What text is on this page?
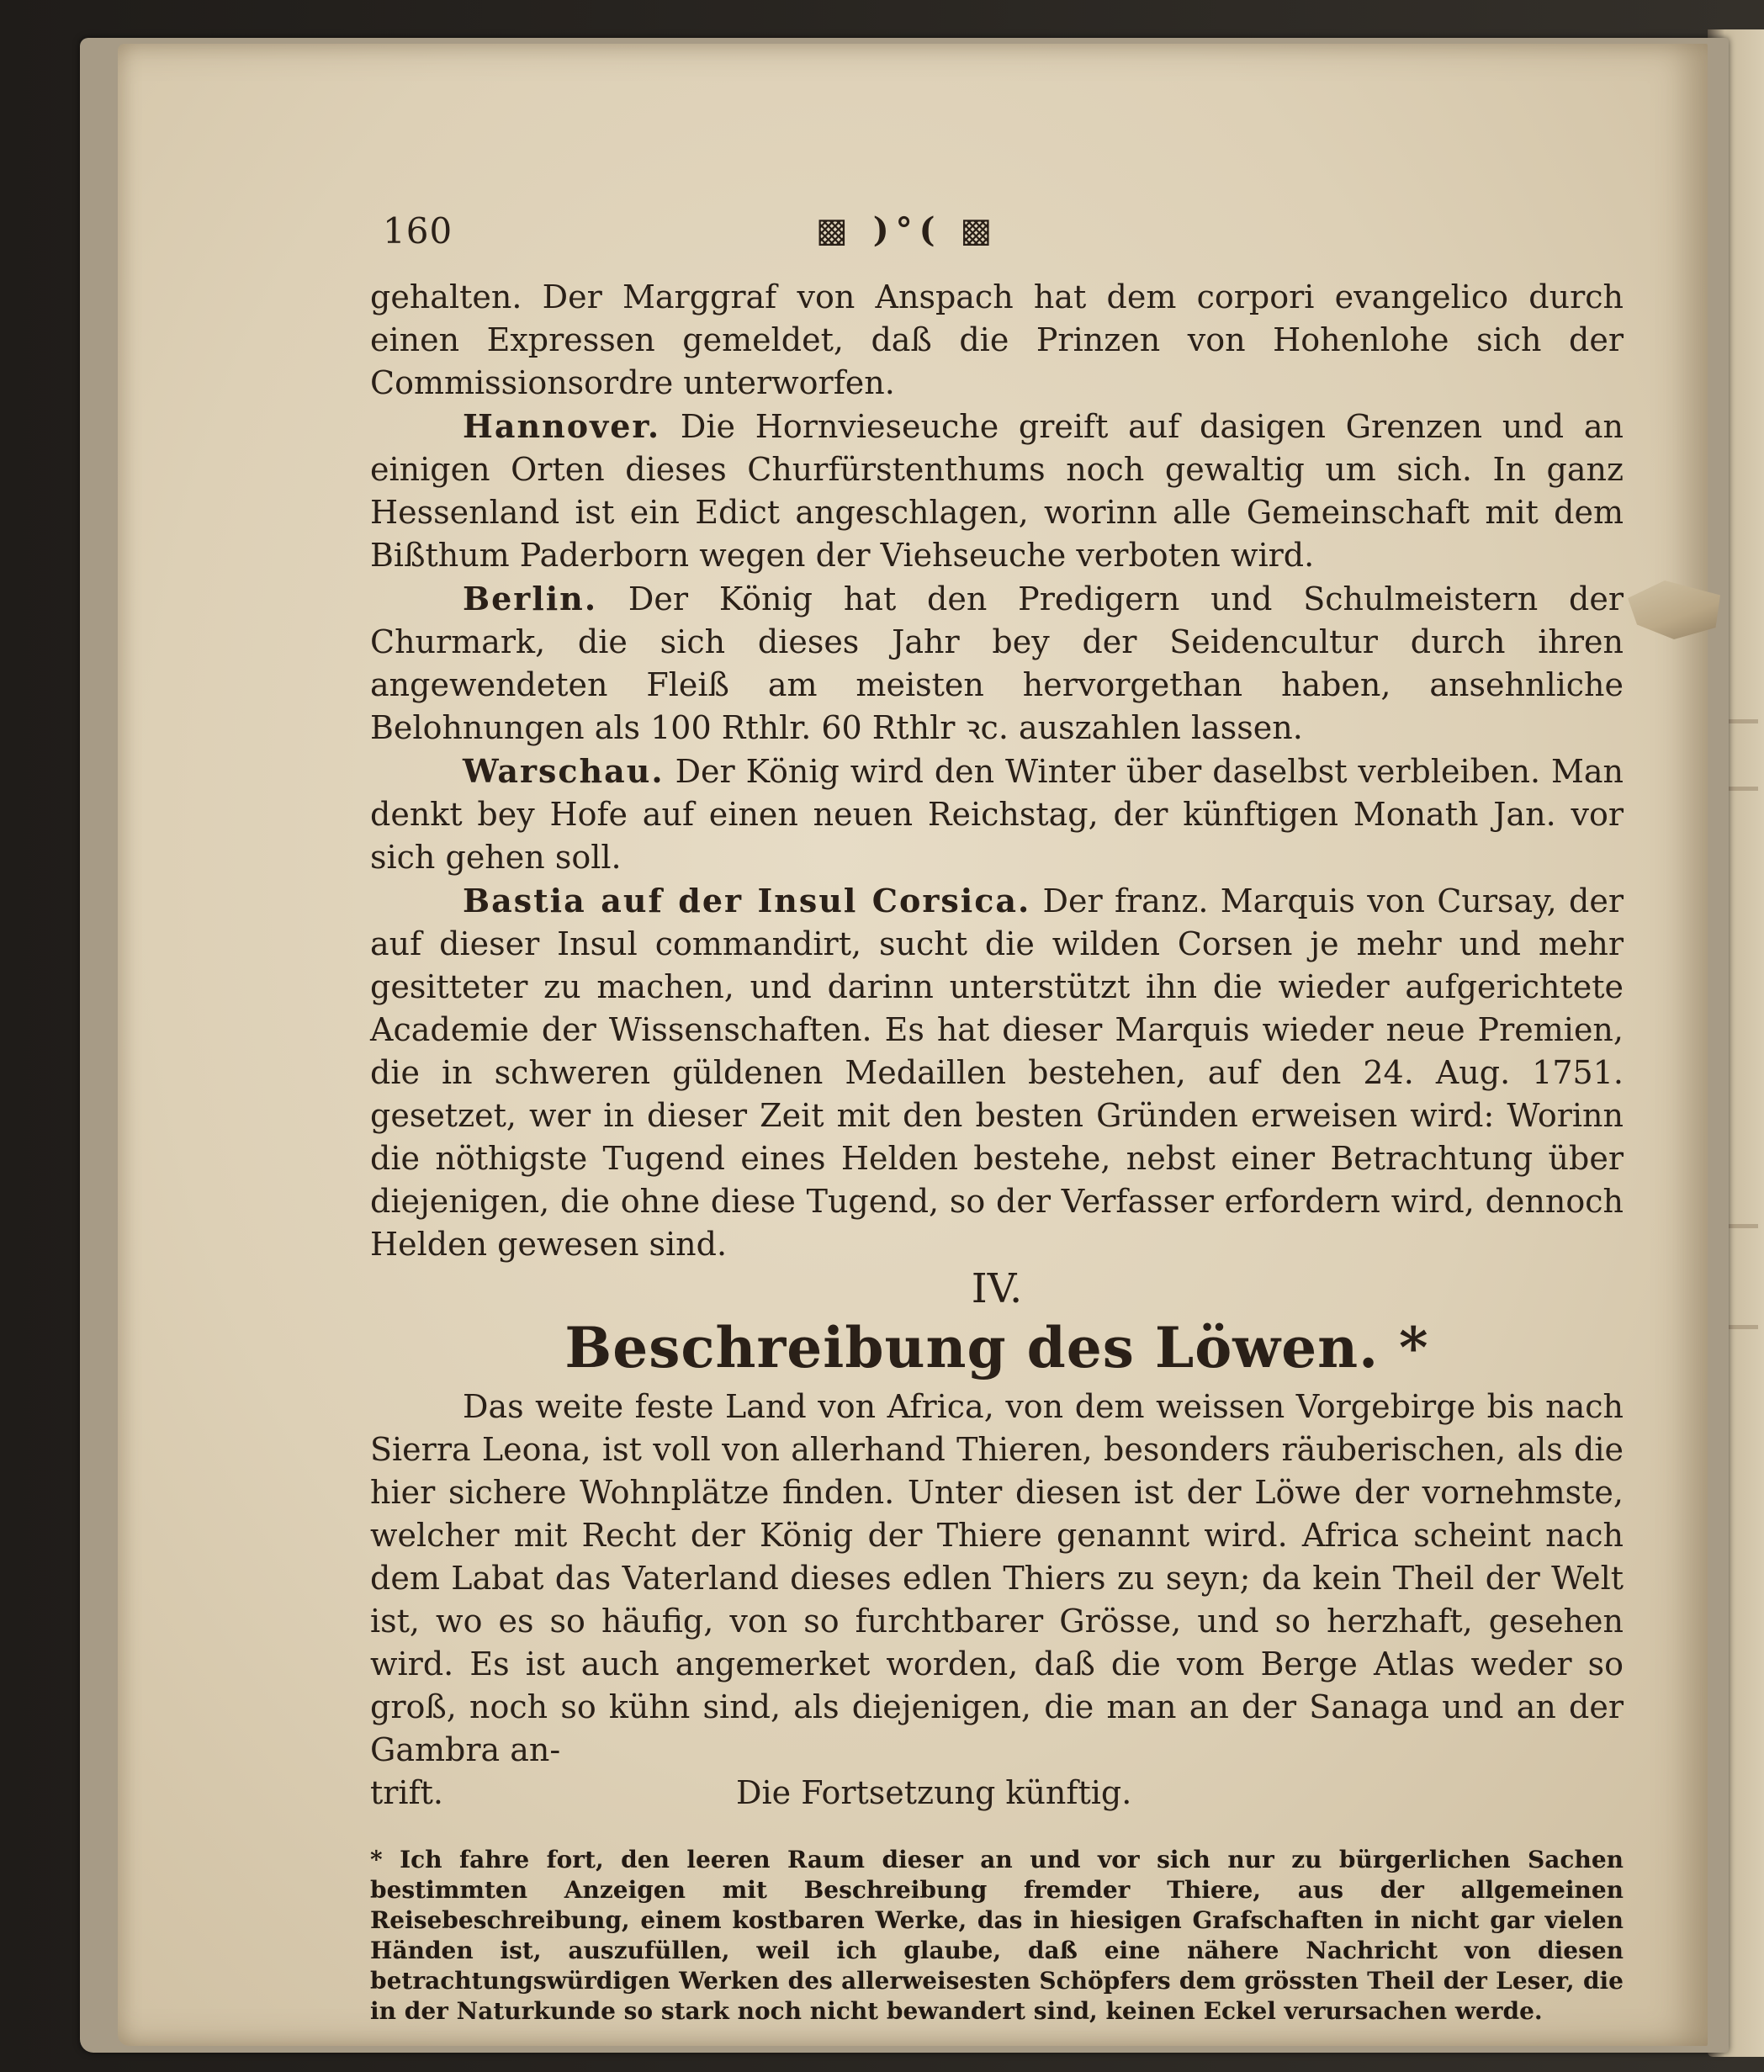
160	▩ )°( ▩

gehalten. Der Marggraf von Anspach hat dem corpori evangelico durch einen Expressen gemeldet, daß die Prinzen von Hohenlohe sich der Commissionsordre unterworfen.

Hannover. Die Hornvieseuche greift auf dasigen Grenzen und an einigen Orten dieses Churfürstenthums noch gewaltig um sich. In ganz Hessenland ist ein Edict angeschlagen, worinn alle Gemeinschaft mit dem Bißthum Paderborn wegen der Viehseuche verboten wird.

Berlin. Der König hat den Predigern und Schulmeistern der Churmark, die sich dieses Jahr bey der Seidencultur durch ihren angewendeten Fleiß am meisten hervorgethan haben, ansehnliche Belohnungen als 100 Rthlr. 60 Rthlr ꝛc. auszahlen lassen.

Warschau. Der König wird den Winter über daselbst verbleiben. Man denkt bey Hofe auf einen neuen Reichstag, der künftigen Monath Jan. vor sich gehen soll.

Bastia auf der Insul Corsica. Der franz. Marquis von Cursay, der auf dieser Insul commandirt, sucht die wilden Corsen je mehr und mehr gesitteter zu machen, und darinn unterstützt ihn die wieder aufgerichtete Academie der Wissenschaften. Es hat dieser Marquis wieder neue Premien, die in schweren güldenen Medaillen bestehen, auf den 24. Aug. 1751. gesetzet, wer in dieser Zeit mit den besten Gründen erweisen wird: Worinn die nöthigste Tugend eines Helden bestehe, nebst einer Betrachtung über diejenigen, die ohne diese Tugend, so der Verfasser erfordern wird, dennoch Helden gewesen sind.

IV.
Beschreibung des Löwen. *

Das weite feste Land von Africa, von dem weissen Vorgebirge bis nach Sierra Leona, ist voll von allerhand Thieren, besonders räuberischen, als die hier sichere Wohnplätze finden. Unter diesen ist der Löwe der vornehmste, welcher mit Recht der König der Thiere genannt wird. Africa scheint nach dem Labat das Vaterland dieses edlen Thiers zu seyn; da kein Theil der Welt ist, wo es so häufig, von so furchtbarer Grösse, und so herzhaft, gesehen wird. Es ist auch angemerket worden, daß die vom Berge Atlas weder so groß, noch so kühn sind, als diejenigen, die man an der Sanaga und an der Gambra an-

trift.	Die Fortsetzung künftig.
* Ich fahre fort, den leeren Raum dieser an und vor sich nur zu bürgerlichen Sachen bestimmten Anzeigen mit Beschreibung fremder Thiere, aus der allgemeinen Reisebeschreibung, einem kostbaren Werke, das in hiesigen Grafschaften in nicht gar vielen Händen ist, auszufüllen, weil ich glaube, daß eine nähere Nachricht von diesen betrachtungswürdigen Werken des allerweisesten Schöpfers dem grössten Theil der Leser, die in der Naturkunde so stark noch nicht bewandert sind, keinen Eckel verursachen werde.
